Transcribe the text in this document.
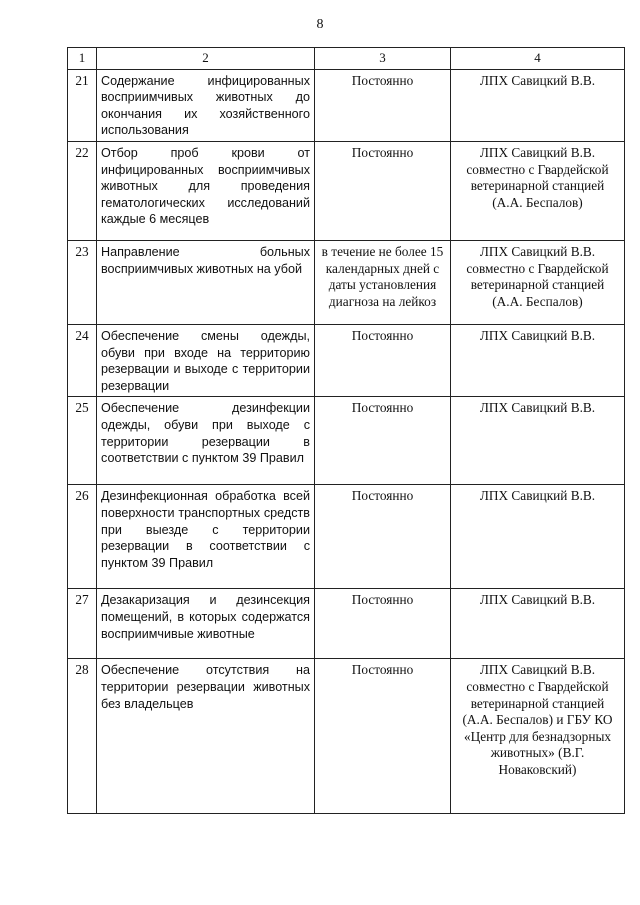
8
1	2	3	4
21	Содержание инфицированных восприимчивых животных до окончания их хозяйственного использования	Постоянно	ЛПХ Савицкий В.В.
22	Отбор проб крови от инфицированных восприимчивых животных для проведения гематологических исследований каждые 6 месяцев	Постоянно	ЛПХ Савицкий В.В. совместно с Гвардейской ветеринарной станцией (А.А. Беспалов)
23	Направление больных восприимчивых животных на убой	в течение не более 15 календарных дней с даты установления диагноза на лейкоз	ЛПХ Савицкий В.В. совместно с Гвардейской ветеринарной станцией (А.А. Беспалов)
24	Обеспечение смены одежды, обуви при входе на территорию резервации и выходе с территории резервации	Постоянно	ЛПХ Савицкий В.В.
25	Обеспечение дезинфекции одежды, обуви при выходе с территории резервации в соответствии с пунктом 39 Правил	Постоянно	ЛПХ Савицкий В.В.
26	Дезинфекционная обработка всей поверхности транспортных средств при выезде с территории резервации в соответствии с пунктом 39 Правил	Постоянно	ЛПХ Савицкий В.В.
27	Дезакаризация и дезинсекция помещений, в которых содержатся восприимчивые животные	Постоянно	ЛПХ Савицкий В.В.
28	Обеспечение отсутствия на территории резервации животных без владельцев	Постоянно	ЛПХ Савицкий В.В. совместно с Гвардейской ветеринарной станцией (А.А. Беспалов) и ГБУ КО «Центр для безнадзорных животных» (В.Г. Новаковский)
